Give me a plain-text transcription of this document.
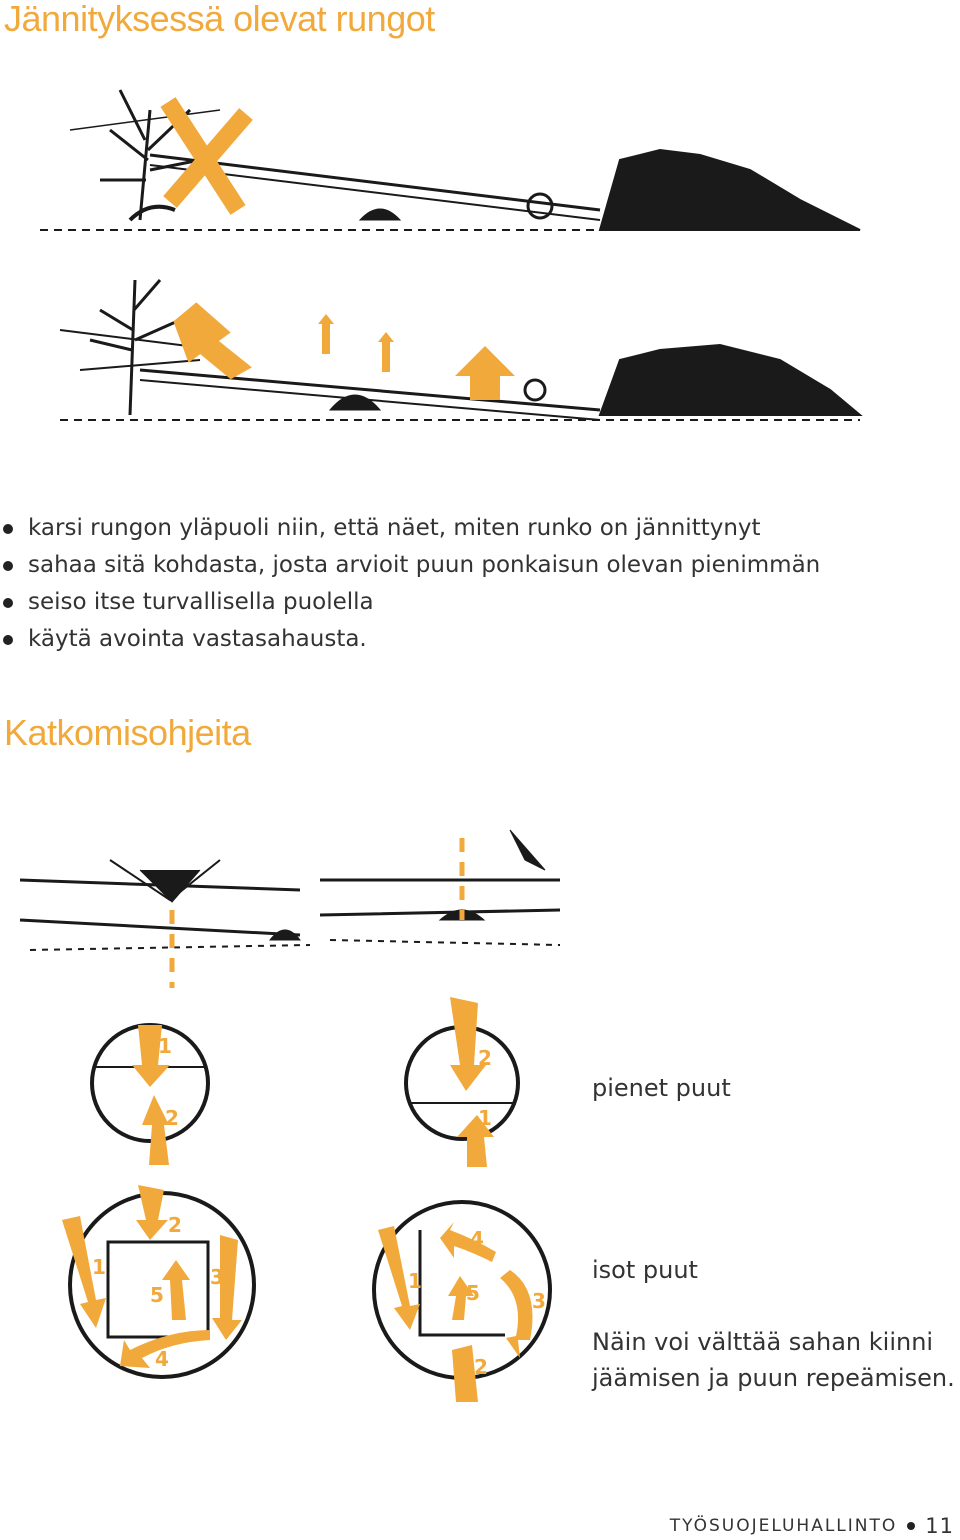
Jännityksessä olevat rungot
karsi rungon yläpuoli niin, että näet, miten runko on jännittynyt
sahaa sitä kohdasta, josta arvioit puun ponkaisun olevan pienimmän
seiso itse turvallisella puolella
käytä avointa vastasahausta.
Katkomisohjeita
1
2
2
1

pienet puut

1
2
3
4
5
1
2
3
4
5

isot puut

Näin voi välttää sahan kiinni

jäämisen ja puun repeämisen.

TYÖSUOJELUHALLINTO 11
